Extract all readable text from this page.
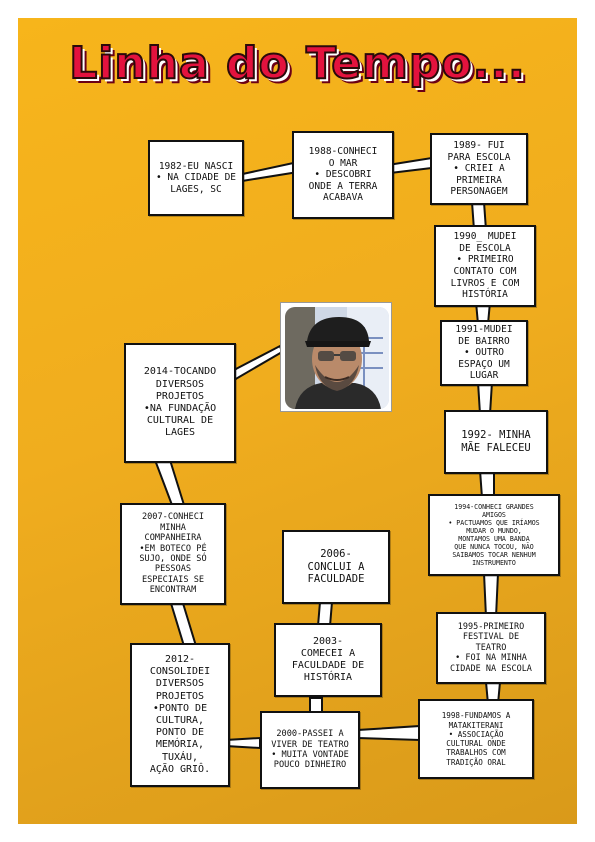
Linha do Tempo...
1982-EU NASCI
• NA CIDADE DE
LAGES, SC
1988-CONHECI
O MAR
• DESCOBRI
ONDE A TERRA
ACABAVA
1989- FUI
PARA ESCOLA
• CRIEI A
PRIMEIRA
PERSONAGEM
1990_ MUDEI
DE ESCOLA
• PRIMEIRO
CONTATO COM
LIVROS E COM
HISTÓRIA
1991-MUDEI
DE BAIRRO
• OUTRO
ESPAÇO UM
LUGAR
1992- MINHA
MÃE FALECEU
1994-CONHECI GRANDES
AMIGOS
• PACTUAMOS QUE IRÍAMOS
MUDAR O MUNDO,
MONTAMOS UMA BANDA
QUE NUNCA TOCOU, NÃO
SAIBAMOS TOCAR NENHUM
INSTRUMENTO
1995-PRIMEIRO
FESTIVAL DE
TEATRO
• FOI NA MINHA
CIDADE NA ESCOLA
1998-FUNDAMOS A
MATAKITERANI
• ASSOCIAÇÃO
CULTURAL ONDE
TRABALHOS COM
TRADIÇÃO ORAL
2000-PASSEI A
VIVER DE TEATRO
• MUITA VONTADE
POUCO DINHEIRO
2003-
COMECEI A
FACULDADE DE
HISTÓRIA
2006-
CONCLUI A
FACULDADE
2007-CONHECI
MINHA
COMPANHEIRA
•EM BOTECO PÉ
SUJO, ONDE SÓ
PESSOAS
ESPECIAIS SE
ENCONTRAM
2012-
CONSOLIDEI
DIVERSOS
PROJETOS
•PONTO DE
CULTURA,
PONTO DE
MEMÓRIA,
TUXÁU,
AÇÃO GRIÔ.
2014-TOCANDO
DIVERSOS
PROJETOS
•NA FUNDAÇÃO
CULTURAL DE
LAGES
